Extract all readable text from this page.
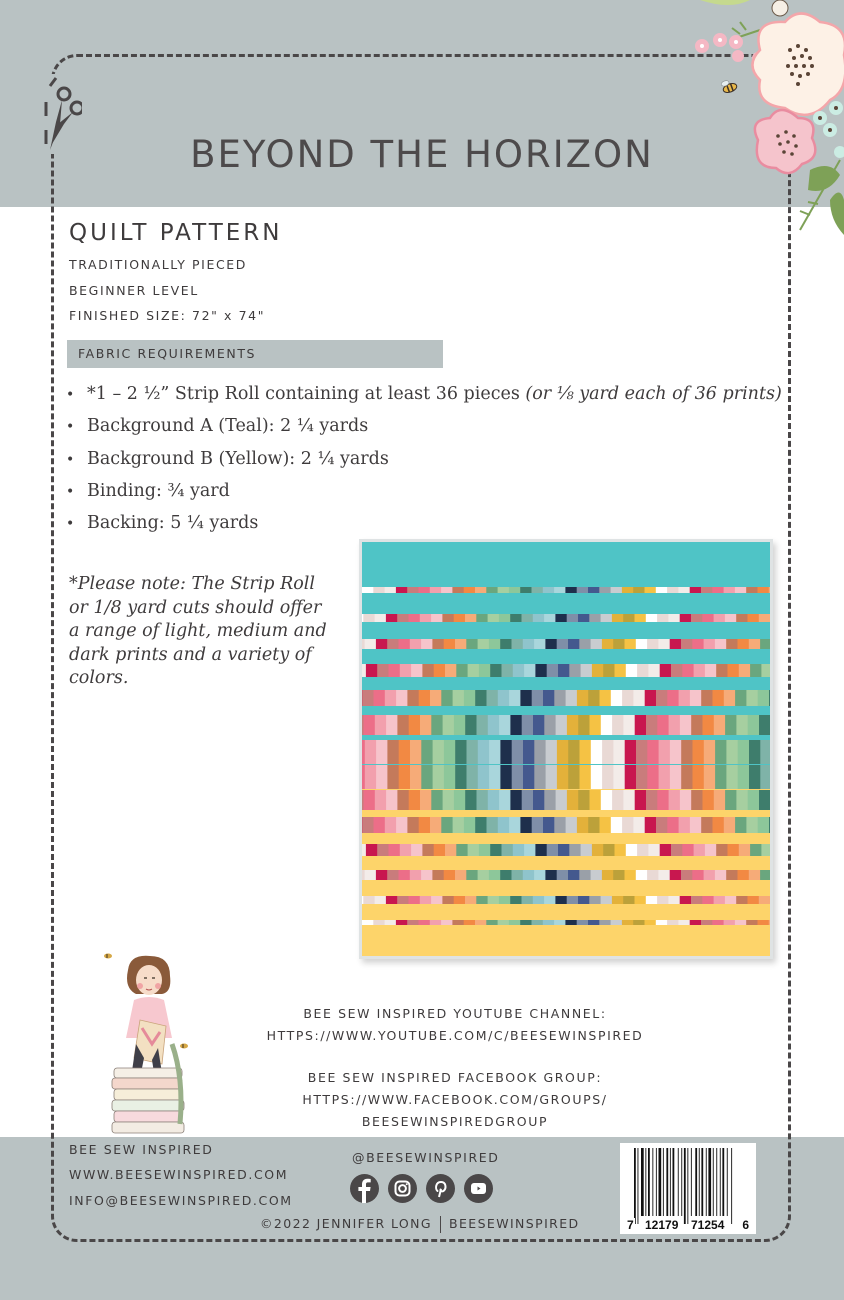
BEYOND THE HORIZON
QUILT PATTERN
TRADITIONALLY PIECED
BEGINNER LEVEL
FINISHED SIZE: 72" x 74"
FABRIC REQUIREMENTS
• *1 – 2 ½” Strip Roll containing at least 36 pieces (or ⅛ yard each of 36 prints)
• Background A (Teal): 2 ¼ yards
• Background B (Yellow): 2 ¼ yards
• Binding: ¾ yard
• Backing: 5 ¼ yards
*Please note: The Strip Roll
or 1/8 yard cuts should offer
a range of light, medium and
dark prints and a variety of
colors.
BEE SEW INSPIRED YOUTUBE CHANNEL:
HTTPS://WWW.YOUTUBE.COM/C/BEESEWINSPIRED
BEE SEW INSPIRED FACEBOOK GROUP:
HTTPS://WWW.FACEBOOK.COM/GROUPS/
BEESEWINSPIREDGROUP
BEE SEW INSPIRED
WWW.BEESEWINSPIRED.COM
INFO@BEESEWINSPIRED.COM
@BEESEWINSPIRED
©2022 JENNIFER LONG BEESEWINSPIRED	7 12179 71254 6
